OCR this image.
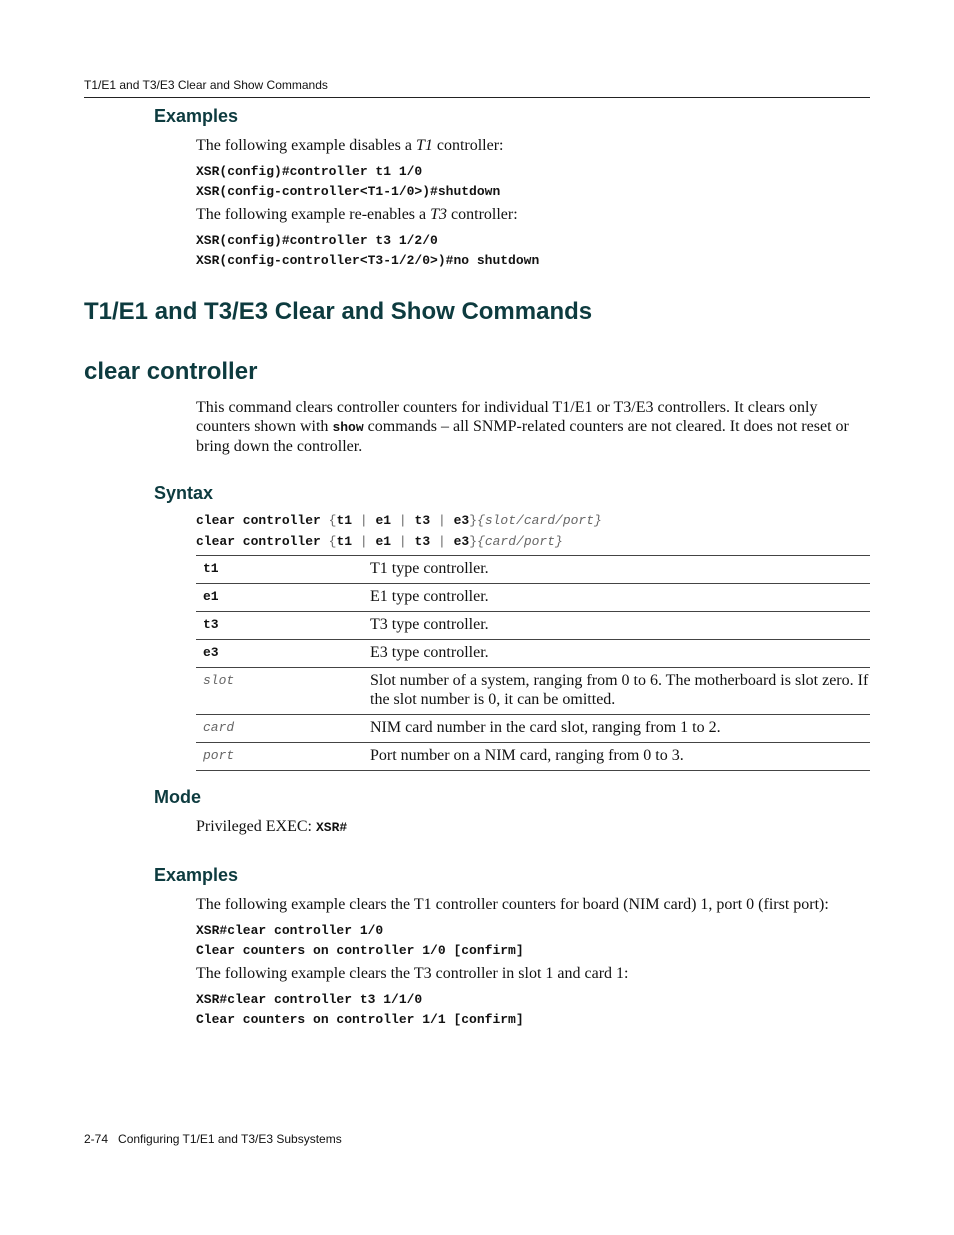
T1/E1 and T3/E3 Clear and Show Commands
Examples
The following example disables a T1 controller:
XSR(config)#controller t1 1/0
XSR(config-controller<T1-1/0>)#shutdown
The following example re-enables a T3 controller:
XSR(config)#controller t3 1/2/0
XSR(config-controller<T3-1/2/0>)#no shutdown
T1/E1 and T3/E3 Clear and Show Commands
clear controller
This command clears controller counters for individual T1/E1 or T3/E3 controllers. It clears only counters shown with show commands – all SNMP-related counters are not cleared. It does not reset or bring down the controller.
Syntax
clear controller {t1 | e1 | t3 | e3}{slot/card/port}
clear controller {t1 | e1 | t3 | e3}{card/port}
t1	T1 type controller.
e1	E1 type controller.
t3	T3 type controller.
e3	E3 type controller.
slot	Slot number of a system, ranging from 0 to 6. The motherboard is slot zero. If the slot number is 0, it can be omitted.
card	NIM card number in the card slot, ranging from 1 to 2.
port	Port number on a NIM card, ranging from 0 to 3.
Mode
Privileged EXEC: XSR#
Examples
The following example clears the T1 controller counters for board (NIM card) 1, port 0 (first port):
XSR#clear controller 1/0
Clear counters on controller 1/0 [confirm]
The following example clears the T3 controller in slot 1 and card 1:
XSR#clear controller t3 1/1/0
Clear counters on controller 1/1 [confirm]
2-74 Configuring T1/E1 and T3/E3 Subsystems
